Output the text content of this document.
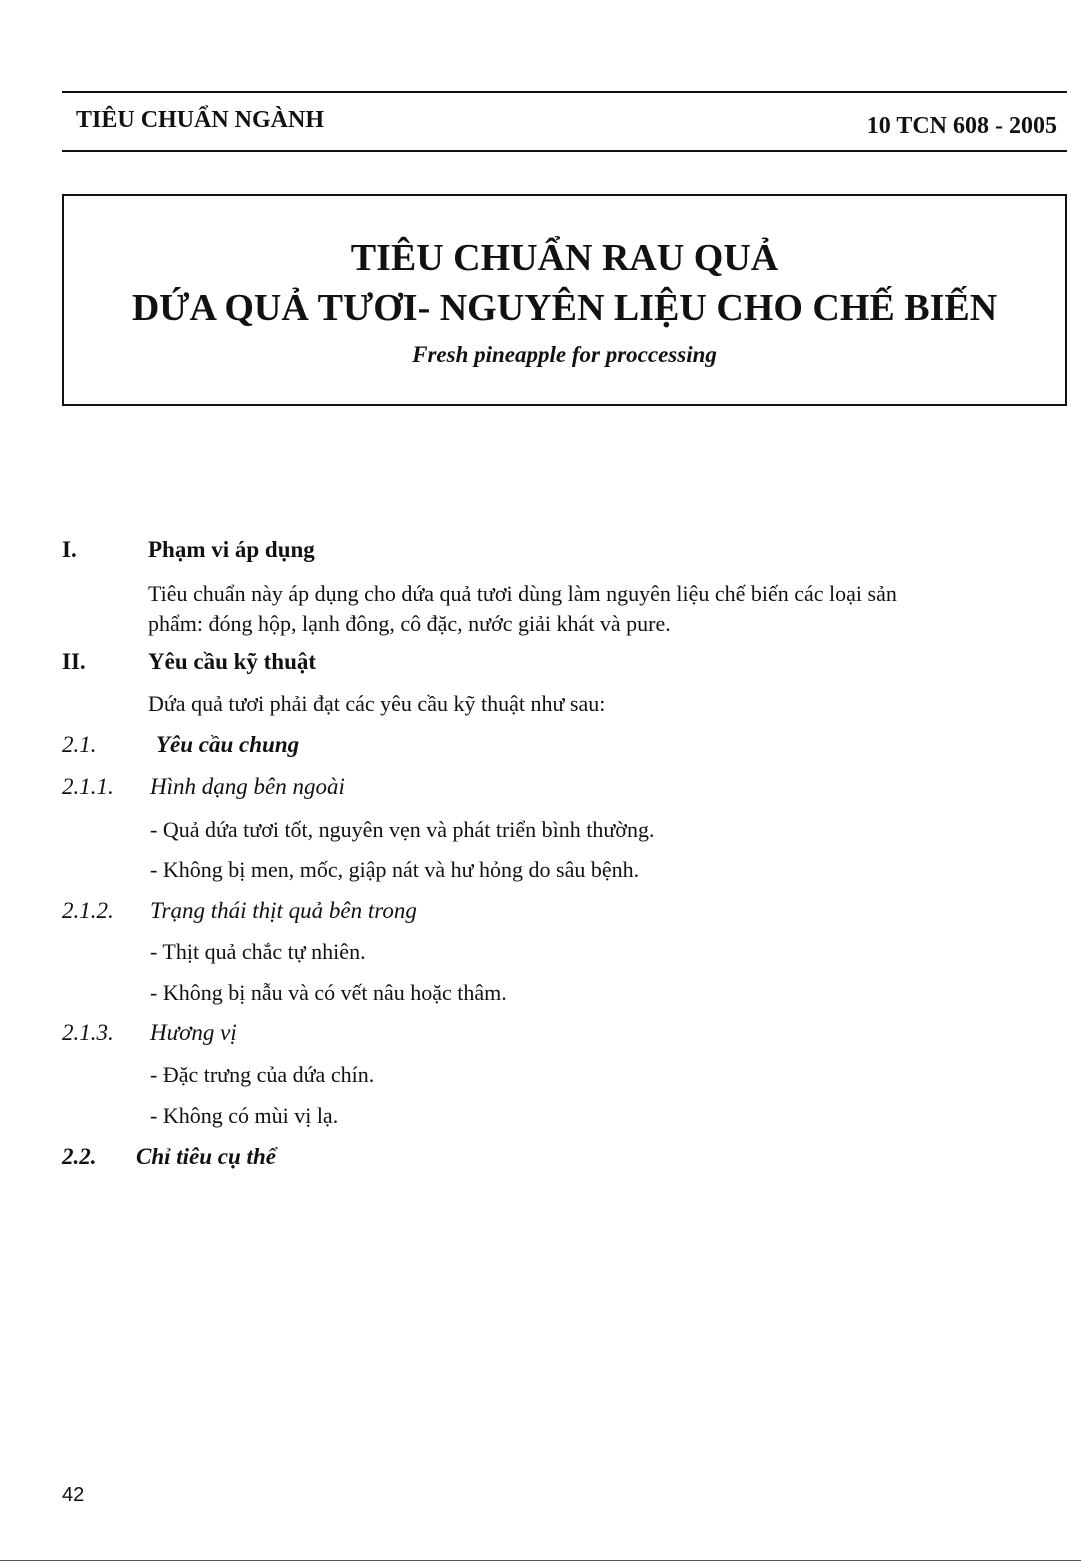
TIÊU CHUẨN NGÀNH	10 TCN 608 - 2005
TIÊU CHUẨN RAU QUẢ
DỨA QUẢ TƯƠI- NGUYÊN LIỆU CHO CHẾ BIẾN
Fresh pineapple for proccessing
I.	Phạm vi áp dụng
Tiêu chuẩn này áp dụng cho dứa quả tươi dùng làm nguyên liệu chế biến các loại sản
phẩm: đóng hộp, lạnh đông, cô đặc, nước giải khát và pure.
II.	Yêu cầu kỹ thuật
Dứa quả tươi phải đạt các yêu cầu kỹ thuật như sau:
2.1.	Yêu cầu chung
2.1.1. Hình dạng bên ngoài
- Quả dứa tươi tốt, nguyên vẹn và phát triển bình thường.
- Không bị men, mốc, giập nát và hư hỏng do sâu bệnh.
2.1.2. Trạng thái thịt quả bên trong
- Thịt quả chắc tự nhiên.
- Không bị nẫu và có vết nâu hoặc thâm.
2.1.3. Hương vị
- Đặc trưng của dứa chín.
- Không có mùi vị lạ.
2.2. Chỉ tiêu cụ thể
42
